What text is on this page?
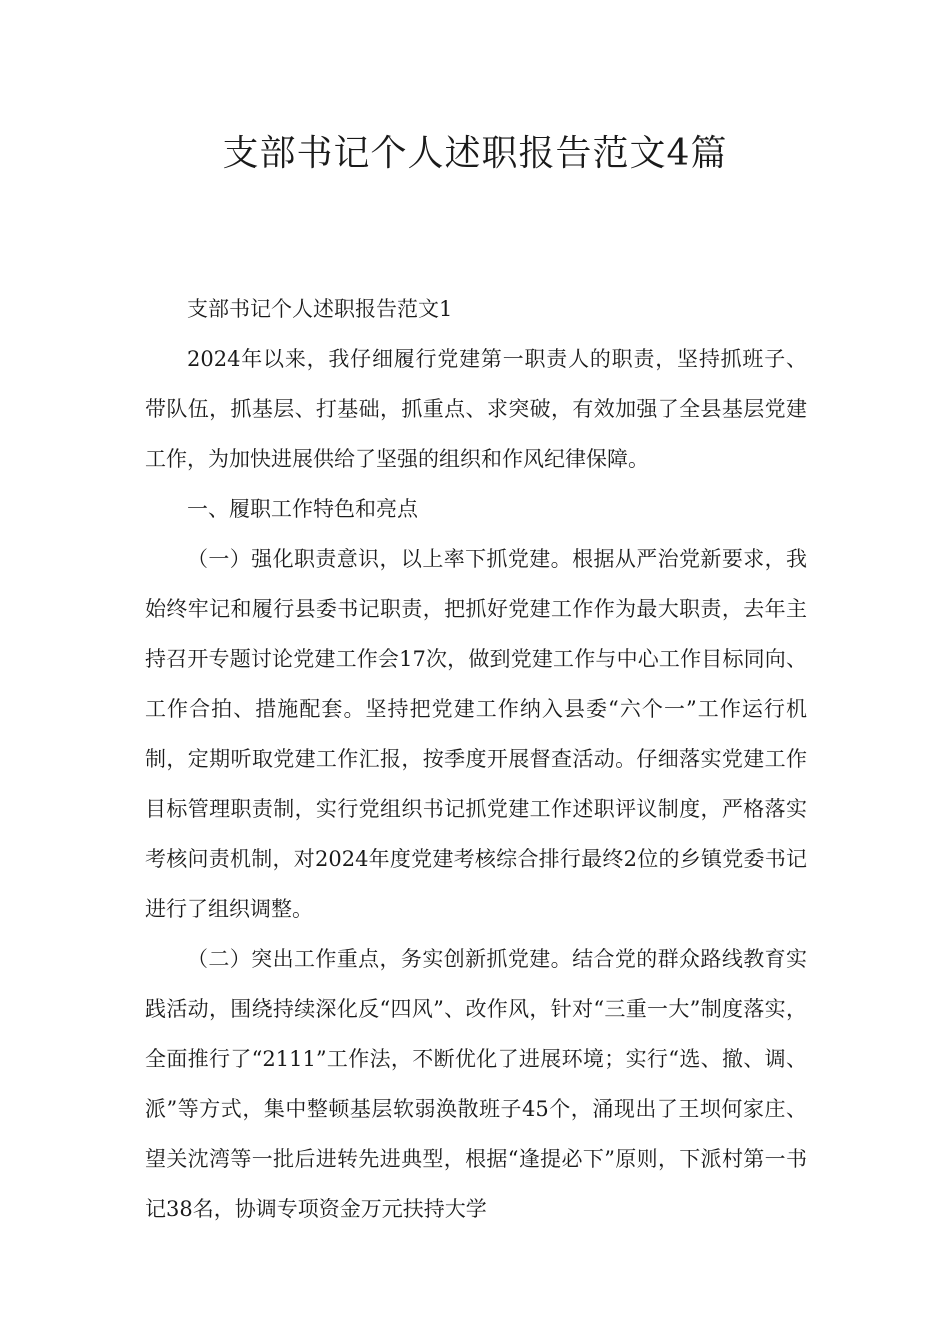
支部书记个人述职报告范文4篇

支部书记个人述职报告范文1

2024年以来，我仔细履行党建第一职责人的职责，坚持抓班子、带队伍，抓基层、打基础，抓重点、求突破，有效加强了全县基层党建工作，为加快进展供给了坚强的组织和作风纪律保障。

一、履职工作特色和亮点

（一）强化职责意识，以上率下抓党建。根据从严治党新要求，我始终牢记和履行县委书记职责，把抓好党建工作作为最大职责，去年主持召开专题讨论党建工作会17次，做到党建工作与中心工作目标同向、工作合拍、措施配套。坚持把党建工作纳入县委“六个一”工作运行机制，定期听取党建工作汇报，按季度开展督查活动。仔细落实党建工作目标管理职责制，实行党组织书记抓党建工作述职评议制度，严格落实考核问责机制，对2024年度党建考核综合排行最终2位的乡镇党委书记进行了组织调整。

（二）突出工作重点，务实创新抓党建。结合党的群众路线教育实践活动，围绕持续深化反“四风”、改作风，针对“三重一大”制度落实，全面推行了“2111”工作法，不断优化了进展环境；实行“选、撤、调、派”等方式，集中整顿基层软弱涣散班子45个，涌现出了王坝何家庄、望关沈湾等一批后进转先进典型，根据“逢提必下”原则，下派村第一书记38名，协调专项资金万元扶持大学
